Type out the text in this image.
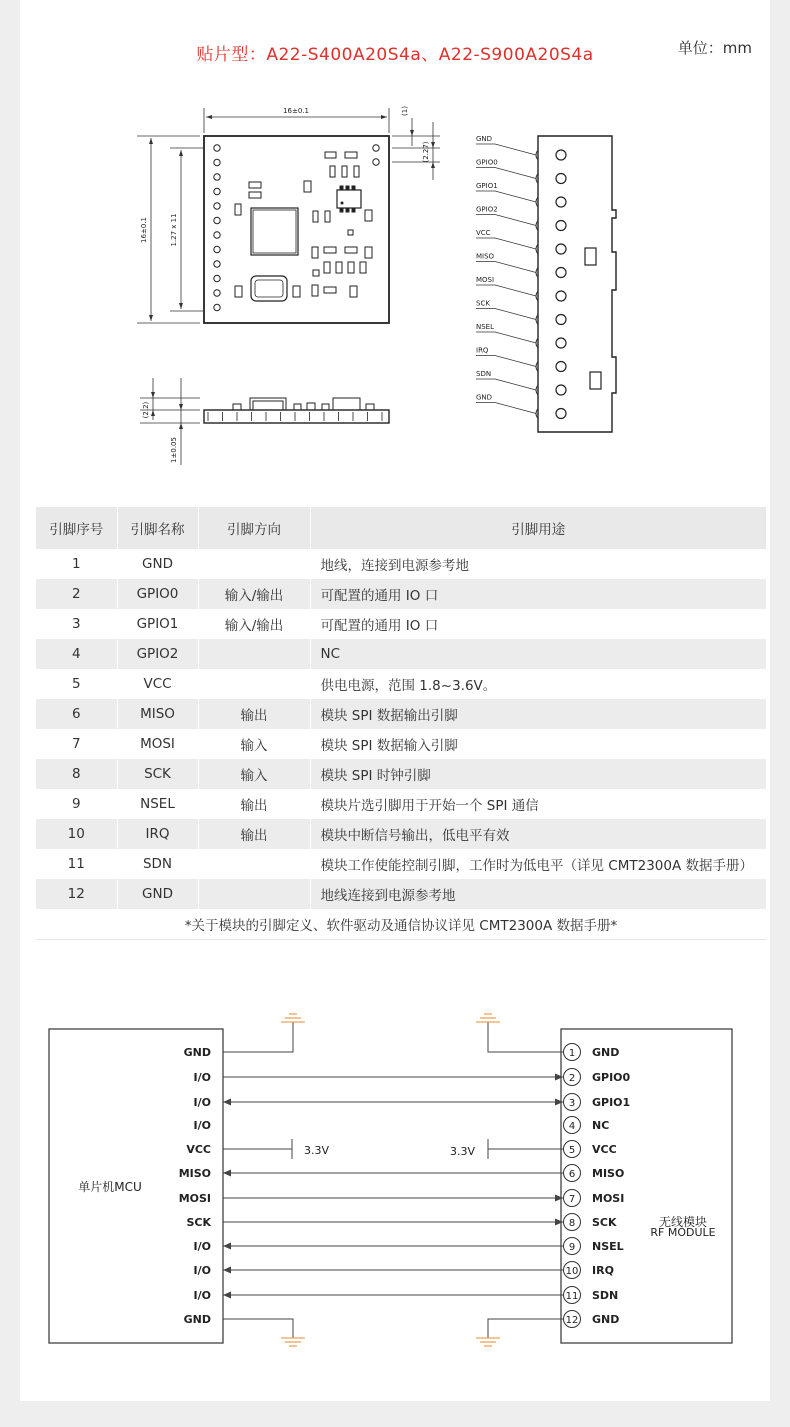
贴片型：A22-S400A20S4a、A22-S900A20S4a	单位：mm
16±0.1
16±0.1	1.27 x 11
(1)
(2.27)
(2.2)
1±0.05
GND
GPIO0
GPIO1
GPIO2
VCC
MISO
MOSI
SCK
NSEL
IRQ
SDN
GND
引脚序号	引脚名称	引脚方向	引脚用途
1	GND		地线，连接到电源参考地
2	GPIO0	输入/输出	可配置的通用 IO 口
3	GPIO1	输入/输出	可配置的通用 IO 口
4	GPIO2		NC
5	VCC		供电电源，范围 1.8~3.6V。
6	MISO	输出	模块 SPI 数据输出引脚
7	MOSI	输入	模块 SPI 数据输入引脚
8	SCK	输入	模块 SPI 时钟引脚
9	NSEL	输出	模块片选引脚用于开始一个 SPI 通信
10	IRQ	输出	模块中断信号输出，低电平有效
11	SDN		模块工作使能控制引脚，工作时为低电平（详见 CMT2300A 数据手册）
12	GND		地线连接到电源参考地
*关于模块的引脚定义、软件驱动及通信协议详见 CMT2300A 数据手册*			
单片机MCU
无线模块
RF MODULE
GND	1 GND
I/O	2 GPIO0
I/O	3 GPIO1
I/O	4 NC
VCC	5 VCC
MISO	6 MISO
MOSI	7 MOSI
SCK	8 SCK
I/O	9 NSEL
I/O	10 IRQ
I/O	11 SDN
GND	12 GND
3.3V	3.3V
